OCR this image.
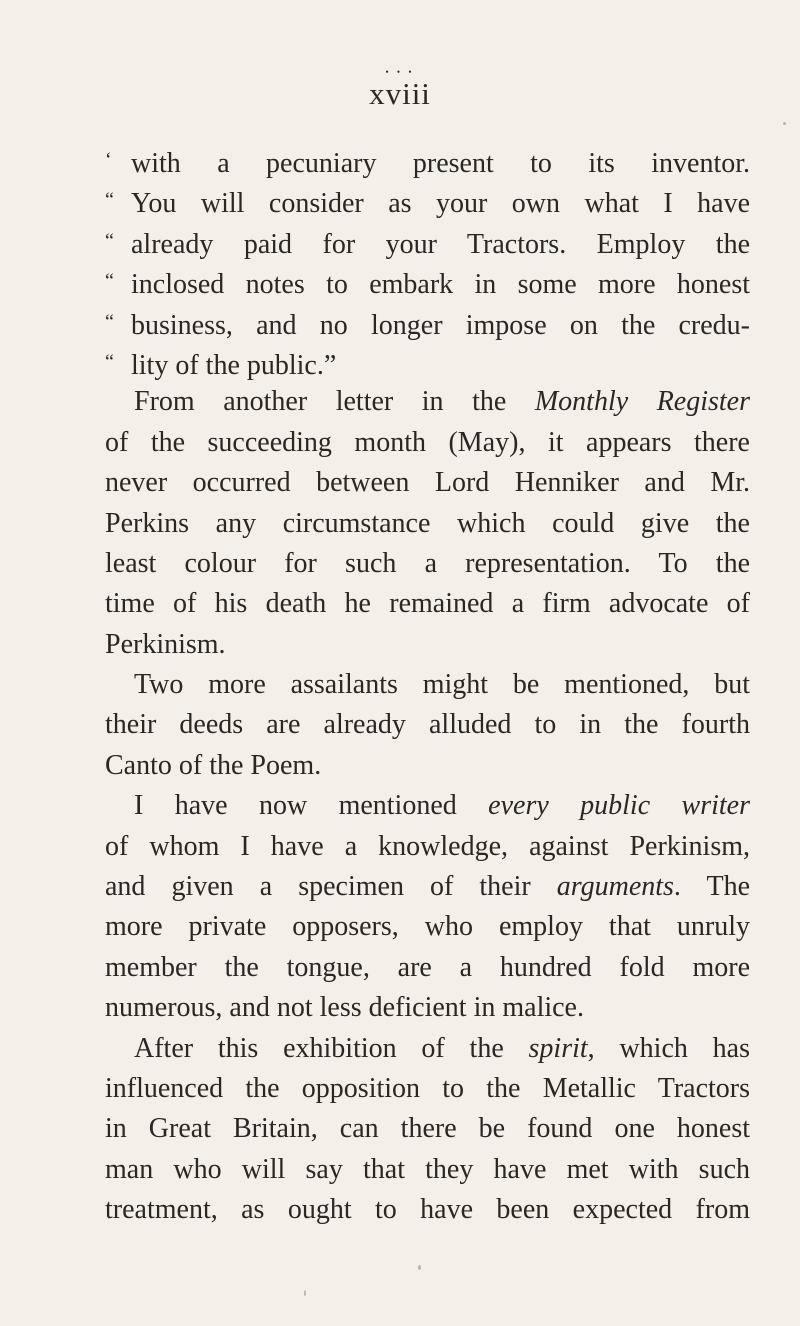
• • •
xviii
‘ with a pecuniary present to its inventor.
“ You will consider as your own what I have
“ already paid for your Tractors. Employ the
“ inclosed notes to embark in some more honest
“ business, and no longer impose on the credu-
“ lity of the public.”
From another letter in the Monthly Register
of the succeeding month (May), it appears there
never occurred between Lord Henniker and Mr.
Perkins any circumstance which could give the
least colour for such a representation. To the
time of his death he remained a firm advocate of
Perkinism.
Two more assailants might be mentioned, but
their deeds are already alluded to in the fourth
Canto of the Poem.
I have now mentioned every public writer
of whom I have a knowledge, against Perkinism,
and given a specimen of their arguments. The
more private opposers, who employ that unruly
member the tongue, are a hundred fold more
numerous, and not less deficient in malice.
After this exhibition of the spirit, which has
influenced the opposition to the Metallic Tractors
in Great Britain, can there be found one honest
man who will say that they have met with such
treatment, as ought to have been expected from
